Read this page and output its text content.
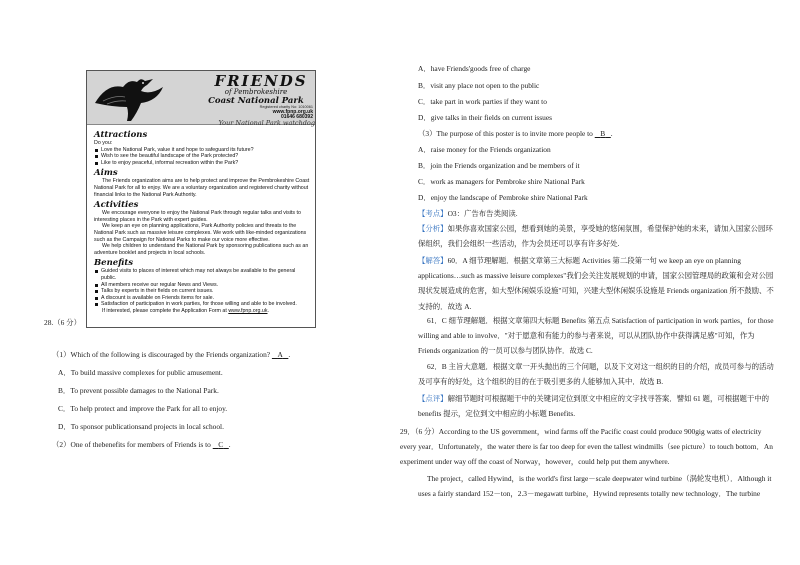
FRIENDS
of Pembrokeshire
Coast National Park
Registered charity No: 1010061
www.fpnp.org.uk
01646 680392
Your National Park watchdog
Attractions
Do you:
Love the National Park, value it and hope to safeguard its future?
Wish to see the beautiful landscape of the Park protected?
Like to enjoy peaceful, informal recreation within the Park?
Aims
The Friends organization aims are to help protect and improve the Pembrokeshire Coast National Park for all to enjoy. We are a voluntary organization and registered charity without financial links to the National Park Authority.
Activities
We encourage everyone to enjoy the National Park through regular talks and visits to interesting places in the Park with expert guides.
We keep an eye on planning applications, Park Authority policies and threats to the National Park such as massive leisure complexes. We work with like-minded organizations such as the Campaign for National Parks to make our voice more effective.
We help children to understand the National Park by sponsoring publications such as an adventure booklet and projects in local schools.
Benefits
Guided visits to places of interest which may not always be available to the general public.
All members receive our regular News and Views.
Talks by experts in their fields on current issues.
A discount is available on Friends items for sale.
Satisfaction of participation in work parties, for those willing and able to be involved.
If interested, please complete the Application Form at www.fpnp.org.uk.
28.（6 分）
（1）Which of the following is discouraged by the Friends organization? A .
A．To build massive complexes for public amusement.
B．To prevent possible damages to the National Park.
C．To help protect and improve the Park for all to enjoy.
D．To sponsor publicationsand projects in local school.
（2）One of thebenefits for members of Friends is to C .
A．have Friends'goods free of charge
B．visit any place not open to the public
C．take part in work parties if they want to
D．give talks in their fields on current issues
（3）The purpose of this poster is to invite more people to B .
A．raise money for the Friends organization
B．join the Friends organization and be members of it
C．work as managers for Pembroke shire National Park
D．enjoy the landscape of Pembroke shire National Park
【考点】O3：广告布告类阅读.
【分析】如果你喜欢国家公园，想看到她的美景，享受她的悠闲氛围，希望保护她的未来，请加入国家公园环保组织，我们会组织一些活动，作为会员还可以享有许多好处.
【解答】60．A 细节理解题．根据文章第三大标题 Activities 第二段第一句 we keep an eye on planning applications…such as massive leisure complexes"我们会关注发展规划的申请，国家公园管理局的政策和会对公园现状发展造成的危害，如大型休闲娱乐设施"可知，兴建大型休闲娱乐设施是 Friends organization 所不鼓励、不支持的．故选 A.
61．C 细节理解题．根据文章第四大标题 Benefits 第五点 Satisfaction of participation in work parties，for those willing and able to involve．"对于愿意和有能力的参与者来说，可以从团队协作中获得满足感"可知，作为 Friends organization 的一员可以参与团队协作．故选 C.
62．B 主旨大意题．根据文章一开头抛出的三个问题，以及下文对这一组织的目的介绍，成员可参与的活动及可享有的好处，这个组织的目的在于吸引更多的人能够加入其中．故选 B.
【点评】解细节题时可根据题干中的关键词定位到原文中相应的文字找寻答案．譬如 61 题，可根据题干中的 benefits 提示，定位到文中相应的小标题 Benefits.
29．（6 分）According to the US government，wind farms off the Pacific coast could produce 900gig watts of electricity every year．Unfortunately，the water there is far too deep for even the tallest windmills（see picture）to touch bottom．An experiment under way off the coast of Norway，however，could help put them anywhere.
The project，called Hywind，is the world's first large－scale deepwater wind turbine（涡轮发电机）．Although it uses a fairly standard 152－ton，2.3－megawatt turbine，Hywind represents totally new technology．The turbine
